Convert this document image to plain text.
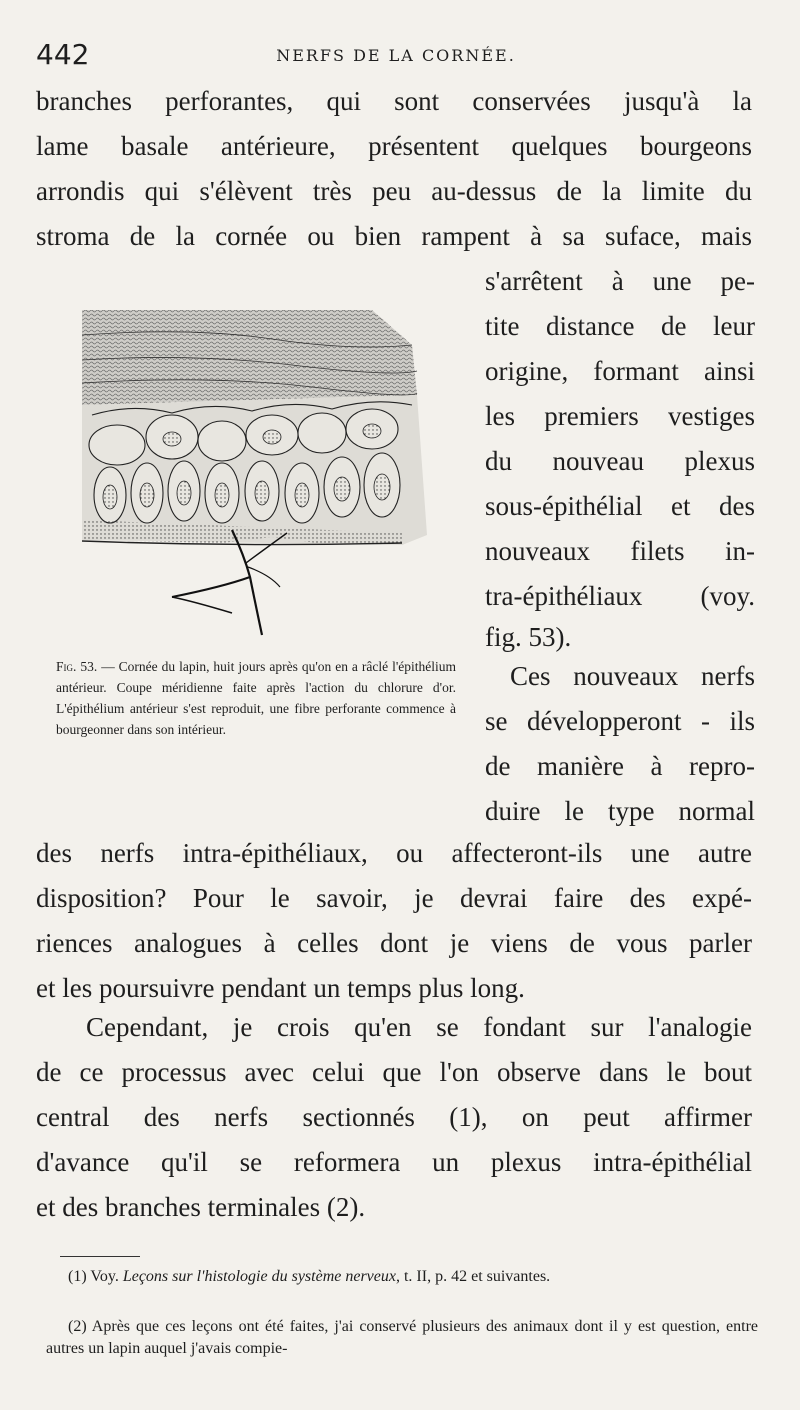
442	NERFS DE LA CORNÉE.
branches perforantes, qui sont conservées jusqu'à la
lame basale antérieure, présentent quelques bourgeons
arrondis qui s'élèvent très peu au-dessus de la limite du
stroma de la cornée ou bien rampent à sa suface, mais
s'arrêtent à une pe-
tite distance de leur
origine, formant ainsi
les premiers vestiges
du nouveau plexus
sous-épithélial et des
nouveaux filets in-
tra-épithéliaux (voy.
fig. 53).
Ces nouveaux nerfs
se développeront - ils
de manière à repro-
duire le type normal
des nerfs intra-épithéliaux, ou affecteront-ils une autre
disposition? Pour le savoir, je devrai faire des expé-
riences analogues à celles dont je viens de vous parler
et les poursuivre pendant un temps plus long.
Cependant, je crois qu'en se fondant sur l'analogie
de ce processus avec celui que l'on observe dans le bout
central des nerfs sectionnés (1), on peut affirmer
d'avance qu'il se reformera un plexus intra-épithélial
et des branches terminales (2).
Fig. 53. — Cornée du lapin, huit jours après qu'on en a râclé l'épithélium antérieur. Coupe méridienne faite après l'action du chlorure d'or. L'épithélium antérieur s'est reproduit, une fibre perforante commence à bourgeonner dans son intérieur.
(1) Voy. Leçons sur l'histologie du système nerveux, t. II, p. 42 et suivantes.
(2) Après que ces leçons ont été faites, j'ai conservé plusieurs des animaux dont il y est question, entre autres un lapin auquel j'avais compie-
